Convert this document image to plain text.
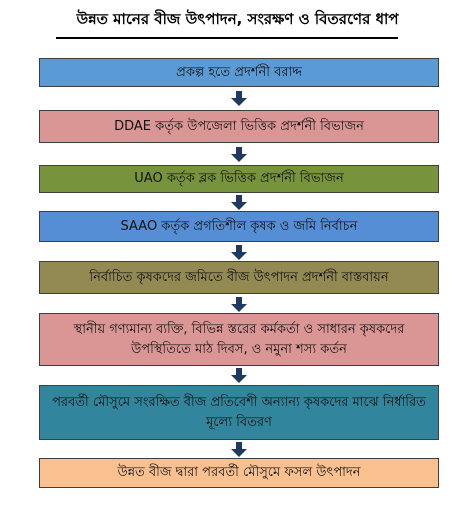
উন্নত মানের বীজ উৎপাদন, সংরক্ষণ ও বিতরণের ধাপ
প্রকল্প হতে প্রদর্শনী বরাদ্দ
DDAE কর্তৃক উপজেলা ভিত্তিক প্রদর্শনী বিভাজন
UAO কর্তৃক ব্লক ভিত্তিক প্রদর্শনী বিভাজন
SAAO কর্তৃক প্রগতিশীল কৃষক ও জমি নির্বাচন
নির্বাচিত কৃষকদের জমিতে বীজ উৎপাদন প্রদর্শনী বাস্তবায়ন
স্থানীয় গণ্যমান্য ব্যক্তি, বিভিন্ন স্তরের কর্মকর্তা ও সাধারন কৃষকদের উপস্থিতিতে মাঠ দিবস, ও নমুনা শস্য কর্তন
পরবর্তী মৌসুমে সংরক্ষিত বীজ প্রতিবেশী অন্যান্য কৃষকদের মাঝে নির্ধারিত মূল্যে বিতরণ
উন্নত বীজ দ্বারা পরবর্তী মৌসুমে ফসল উৎপাদন
